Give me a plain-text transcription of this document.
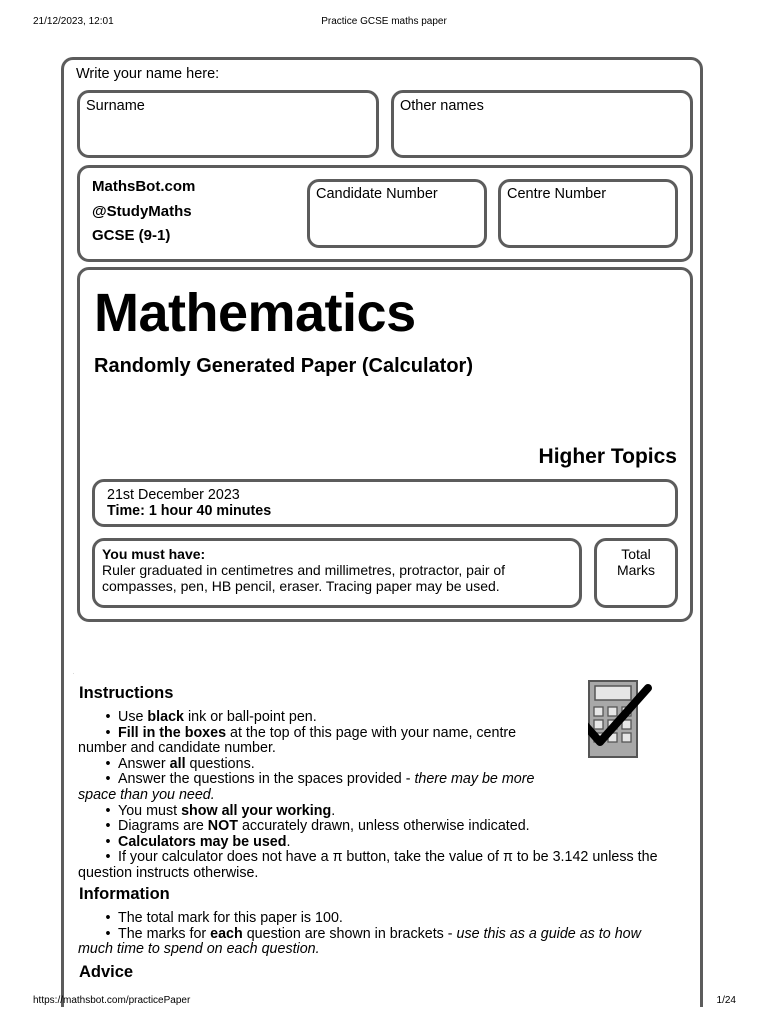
21/12/2023, 12:01	Practice GCSE maths paper
Write your name here:
Surname	Other names
MathsBot.com
@StudyMaths
GCSE (9-1)
Candidate Number	Centre Number
Mathematics
Randomly Generated Paper (Calculator)
Higher Topics
21st December 2023
Time: 1 hour 40 minutes
You must have:
Ruler graduated in centimetres and millimetres, protractor, pair of
compasses, pen, HB pencil, eraser. Tracing paper may be used.
Total
Marks
.
Instructions
• Use black ink or ball-point pen.
• Fill in the boxes at the top of this page with your name, centre
number and candidate number.
• Answer all questions.
• Answer the questions in the spaces provided - there may be more
space than you need.
• You must show all your working.
• Diagrams are NOT accurately drawn, unless otherwise indicated.
• Calculators may be used.
• If your calculator does not have a π button, take the value of π to be 3.142 unless the
question instructs otherwise.
Information
• The total mark for this paper is 100.
• The marks for each question are shown in brackets - use this as a guide as to how
much time to spend on each question.
Advice
https://mathsbot.com/practicePaper	1/24
